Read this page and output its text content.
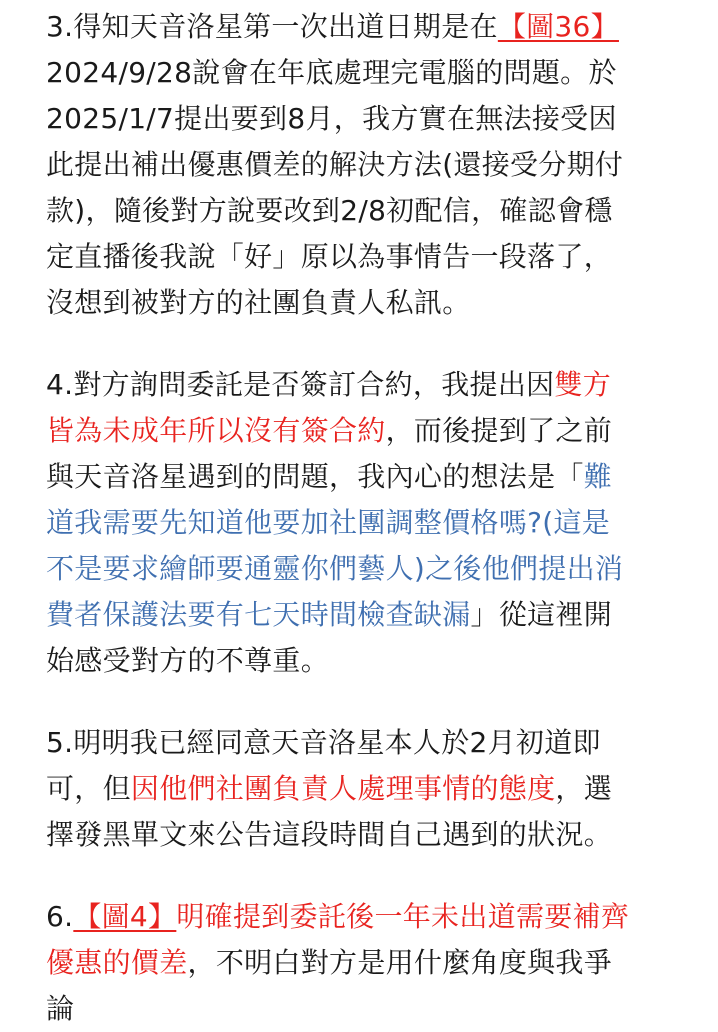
3.得知天音洛星第一次出道日期是在【圖36】
2024/9/28說會在年底處理完電腦的問題。於
2025/1/7提出要到8月，我方實在無法接受因
此提出補出優惠價差的解決方法(還接受分期付
款)，隨後對方說要改到2/8初配信，確認會穩
定直播後我說「好」原以為事情告一段落了，
沒想到被對方的社團負責人私訊。

4.對方詢問委託是否簽訂合約，我提出因雙方
皆為未成年所以沒有簽合約，而後提到了之前
與天音洛星遇到的問題，我內心的想法是「難
道我需要先知道他要加社團調整價格嗎?(這是
不是要求繪師要通靈你們藝人)之後他們提出消
費者保護法要有七天時間檢查缺漏」從這裡開
始感受對方的不尊重。

5.明明我已經同意天音洛星本人於2月初道即
可，但因他們社團負責人處理事情的態度，選
擇發黑單文來公告這段時間自己遇到的狀況。

6.【圖4】明確提到委託後一年未出道需要補齊
優惠的價差，不明白對方是用什麼角度與我爭
論
